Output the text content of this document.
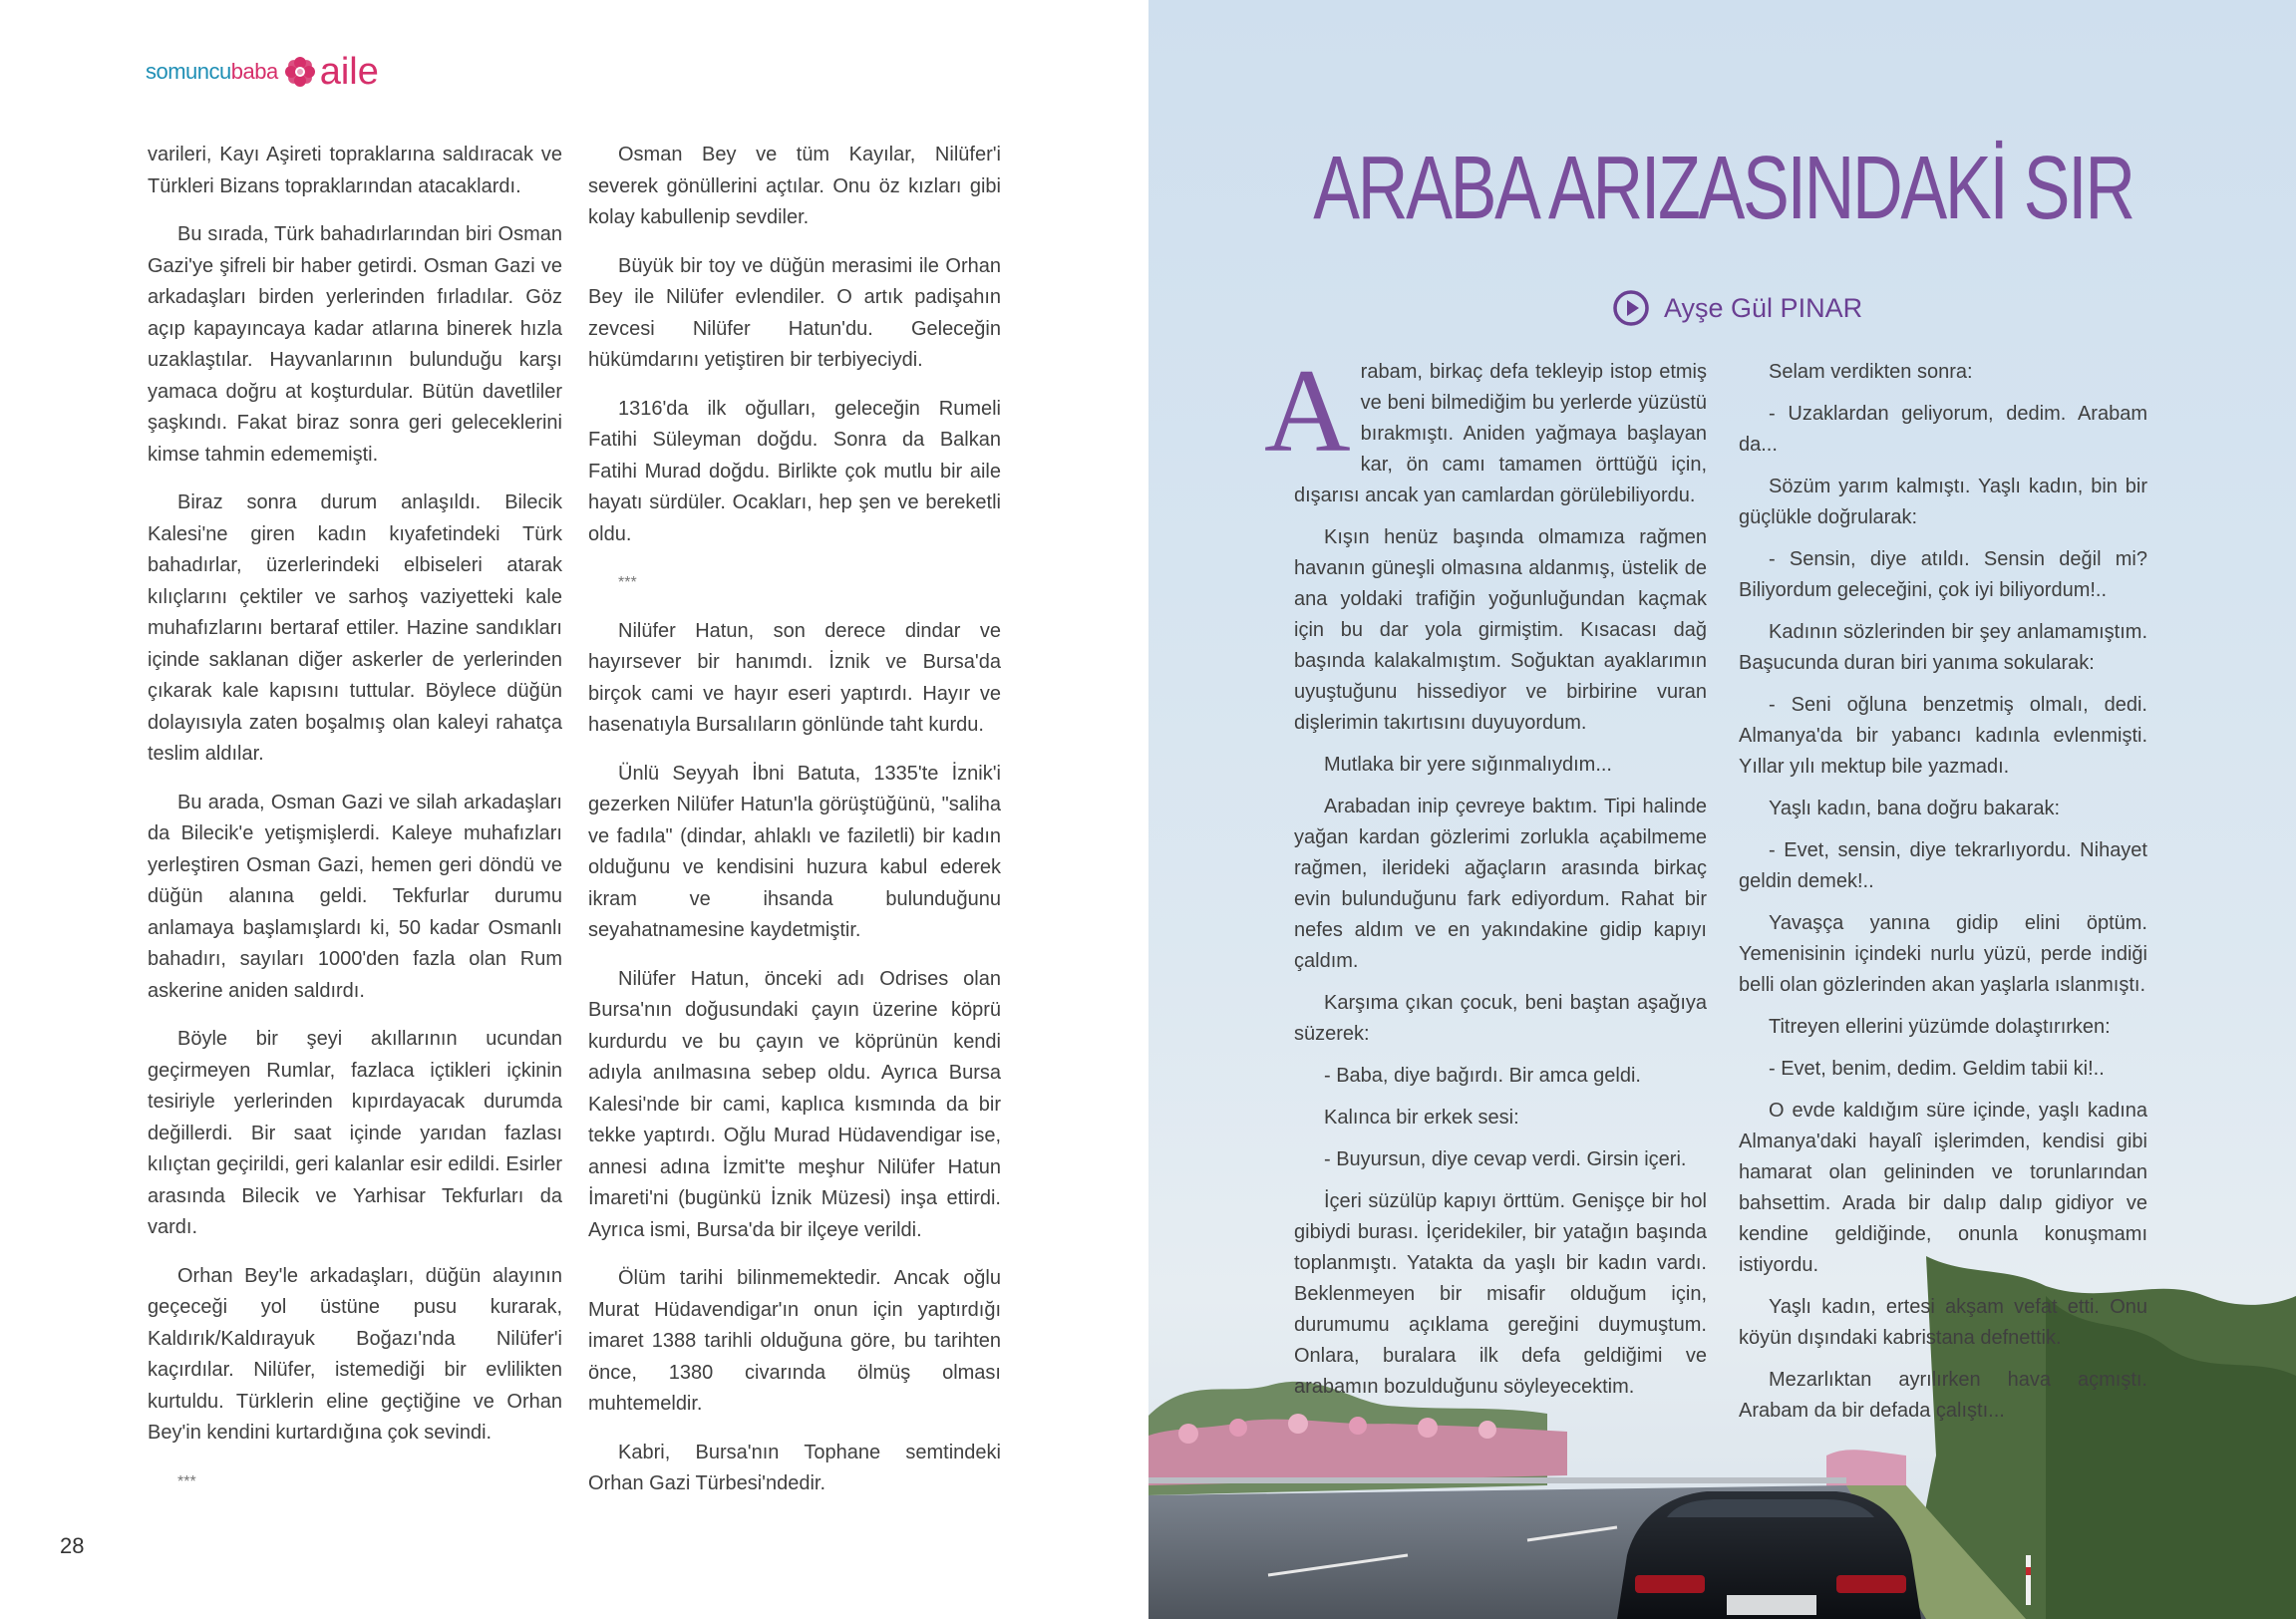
somuncu baba aile

varileri, Kayı Aşireti topraklarına saldıracak ve Türkleri Bizans topraklarından atacaklardı.

Bu sırada, Türk bahadırlarından biri Osman Gazi'ye şifreli bir haber getirdi. Osman Gazi ve arkadaşları birden yerlerinden fırladılar. Göz açıp kapayıncaya kadar atlarına binerek hızla uzaklaştılar. Hayvanlarının bulunduğu karşı yamaca doğru at koşturdular. Bütün davetliler şaşkındı. Fakat biraz sonra geri geleceklerini kimse tahmin edememişti.

Biraz sonra durum anlaşıldı. Bilecik Kalesi'ne giren kadın kıyafetindeki Türk bahadırlar, üzerlerindeki elbiseleri atarak kılıçlarını çektiler ve sarhoş vaziyetteki kale muhafızlarını bertaraf ettiler. Hazine sandıkları içinde saklanan diğer askerler de yerlerinden çıkarak kale kapısını tuttular. Böylece düğün dolayısıyla zaten boşalmış olan kaleyi rahatça teslim aldılar.

Bu arada, Osman Gazi ve silah arkadaşları da Bilecik'e yetişmişlerdi. Kaleye muhafızları yerleştiren Osman Gazi, hemen geri döndü ve düğün alanına geldi. Tekfurlar durumu anlamaya başlamışlardı ki, 50 kadar Osmanlı bahadırı, sayıları 1000'den fazla olan Rum askerine aniden saldırdı.

Böyle bir şeyi akıllarının ucundan geçirmeyen Rumlar, fazlaca içtikleri içkinin tesiriyle yerlerinden kıpırdayacak durumda değillerdi. Bir saat içinde yarıdan fazlası kılıçtan geçirildi, geri kalanlar esir edildi. Esirler arasında Bilecik ve Yarhisar Tekfurları da vardı.

Orhan Bey'le arkadaşları, düğün alayının geçeceği yol üstüne pusu kurarak, Kaldırık/Kaldırayuk Boğazı'nda Nilüfer'i kaçırdılar. Nilüfer, istemediği bir evlilikten kurtuldu. Türklerin eline geçtiğine ve Orhan Bey'in kendini kurtardığına çok sevindi.

***

Osman Bey ve tüm Kayılar, Nilüfer'i severek gönüllerini açtılar. Onu öz kızları gibi kolay kabullenip sevdiler.

Büyük bir toy ve düğün merasimi ile Orhan Bey ile Nilüfer evlendiler. O artık padişahın zevcesi Nilüfer Hatun'du. Geleceğin hükümdarını yetiştiren bir terbiyeciydi.

1316'da ilk oğulları, geleceğin Rumeli Fatihi Süleyman doğdu. Sonra da Balkan Fatihi Murad doğdu. Birlikte çok mutlu bir aile hayatı sürdüler. Ocakları, hep şen ve bereketli oldu.

***

Nilüfer Hatun, son derece dindar ve hayırsever bir hanımdı. İznik ve Bursa'da birçok cami ve hayır eseri yaptırdı. Hayır ve hasenatıyla Bursalıların gönlünde taht kurdu.

Ünlü Seyyah İbni Batuta, 1335'te İznik'i gezerken Nilüfer Hatun'la görüştüğünü, "saliha ve fadıla" (dindar, ahlaklı ve faziletli) bir kadın olduğunu ve kendisini huzura kabul ederek ikram ve ihsanda bulunduğunu seyahatnamesine kaydetmiştir.

Nilüfer Hatun, önceki adı Odrises olan Bursa'nın doğusundaki çayın üzerine köprü kurdurdu ve bu çayın ve köprünün kendi adıyla anılmasına sebep oldu. Ayrıca Bursa Kalesi'nde bir cami, kaplıca kısmında da bir tekke yaptırdı. Oğlu Murad Hüdavendigar ise, annesi adına İzmit'te meşhur Nilüfer Hatun İmareti'ni (bugünkü İznik Müzesi) inşa ettirdi. Ayrıca ismi, Bursa'da bir ilçeye verildi.

Ölüm tarihi bilinmemektedir. Ancak oğlu Murat Hüdavendigar'ın onun için yaptırdığı imaret 1388 tarihli olduğuna göre, bu tarihten önce, 1380 civarında ölmüş olması muhtemeldir.

Kabri, Bursa'nın Tophane semtindeki Orhan Gazi Türbesi'ndedir.

28
ARABA ARIZASINDAKİ SIR
Ayşe Gül PINAR

Arabam, birkaç defa tekleyip istop etmiş ve beni bilmediğim bu yerlerde yüzüstü bırakmıştı. Aniden yağmaya başlayan kar, ön camı tamamen örttüğü için, dışarısı ancak yan camlardan görülebiliyordu.

Kışın henüz başında olmamıza rağmen havanın güneşli olmasına aldanmış, üstelik de ana yoldaki trafiğin yoğunluğundan kaçmak için bu dar yola girmiştim. Kısacası dağ başında kalakalmıştım. Soğuktan ayaklarımın uyuştuğunu hissediyor ve birbirine vuran dişlerimin takırtısını duyuyordum.

Mutlaka bir yere sığınmalıydım...

Arabadan inip çevreye baktım. Tipi halinde yağan kardan gözlerimi zorlukla açabilmeme rağmen, ilerideki ağaçların arasında birkaç evin bulunduğunu fark ediyordum. Rahat bir nefes aldım ve en yakındakine gidip kapıyı çaldım.

Karşıma çıkan çocuk, beni baştan aşağıya süzerek:

- Baba, diye bağırdı. Bir amca geldi.

Kalınca bir erkek sesi:

- Buyursun, diye cevap verdi. Girsin içeri.

İçeri süzülüp kapıyı örttüm. Genişçe bir hol gibiydi burası. İçeridekiler, bir yatağın başında toplanmıştı. Yatakta da yaşlı bir kadın vardı. Beklenmeyen bir misafir olduğum için, durumumu açıklama gereğini duymuştum. Onlara, buralara ilk defa geldiğimi ve arabamın bozulduğunu söyleyecektim.

Selam verdikten sonra:

- Uzaklardan geliyorum, dedim. Arabam da...

Sözüm yarım kalmıştı. Yaşlı kadın, bin bir güçlükle doğrularak:

- Sensin, diye atıldı. Sensin değil mi? Biliyordum geleceğini, çok iyi biliyordum!..

Kadının sözlerinden bir şey anlamamıştım. Başucunda duran biri yanıma sokularak:

- Seni oğluna benzetmiş olmalı, dedi. Almanya'da bir yabancı kadınla evlenmişti. Yıllar yılı mektup bile yazmadı.

Yaşlı kadın, bana doğru bakarak:

- Evet, sensin, diye tekrarlıyordu. Nihayet geldin demek!..

Yavaşça yanına gidip elini öptüm. Yemenisinin içindeki nurlu yüzü, perde indiği belli olan gözlerinden akan yaşlarla ıslanmıştı.

Titreyen ellerini yüzümde dolaştırırken:

- Evet, benim, dedim. Geldim tabii ki!..

O evde kaldığım süre içinde, yaşlı kadına Almanya'daki hayalî işlerimden, kendisi gibi hamarat olan gelininden ve torunlarından bahsettim. Arada bir dalıp dalıp gidiyor ve kendine geldiğinde, onunla konuşmamı istiyordu.

Yaşlı kadın, ertesi akşam vefat etti. Onu köyün dışındaki kabristana defnettik.

Mezarlıktan ayrılırken hava açmıştı. Arabam da bir defada çalıştı...
